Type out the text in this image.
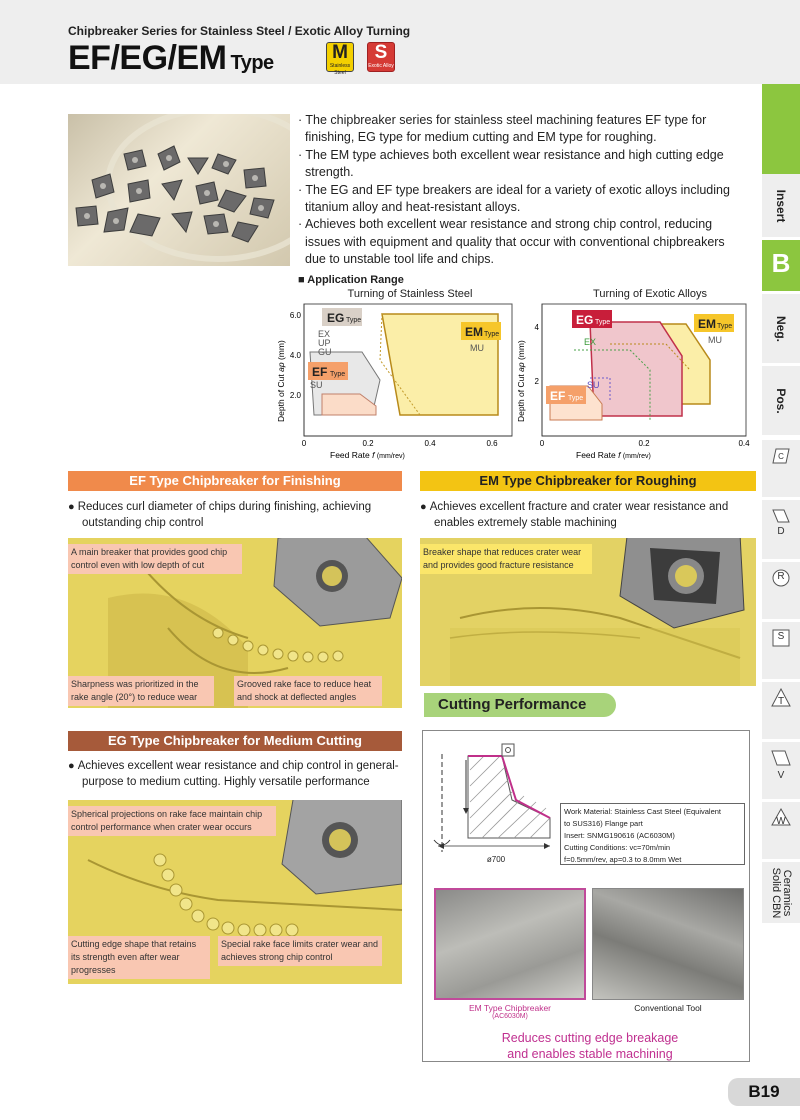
Chipbreaker Series for Stainless Steel / Exotic Alloy Turning
EF/EG/EM Type	M
Stainless Steel
S
Exotic Alloy
Insert
B
Neg.
Pos.
C
D
R
S
T
V
W
Ceramics
Solid CBN

· The chipbreaker series for stainless steel machining features EF type for finishing, EG type for medium cutting and EM type for roughing.

· The EM type achieves both excellent wear resistance and high cutting edge strength.

· The EG and EF type breakers are ideal for a variety of exotic alloys including titanium alloy and heat-resistant alloys.

· Achieves both excellent wear resistance and strong chip control, reducing issues with equipment and quality that occur with conventional chipbreakers due to unstable tool life and chips.

■ Application Range
Turning of Stainless Steel
EG Type
EM Type
MU
EX
UP
GU
EF Type
SU
0	0.2	0.4	0.6
2.0
4.0
6.0
Feed Rate f (mm/rev)
Depth of Cut ap (mm)
Turning of Exotic Alloys
EG Type	EM Type
MU
EX
SU
EF Type
0	0.2	0.4
2
4
Feed Rate f (mm/rev)
Depth of Cut ap (mm)
EF Type Chipbreaker for Finishing
● Reduces curl diameter of chips during finishing, achieving outstanding chip control
A main breaker that provides good chip control even with low depth of cut
Sharpness was prioritized in the rake angle (20°) to reduce wear
Grooved rake face to reduce heat and shock at deflected angles
EM Type Chipbreaker for Roughing
● Achieves excellent fracture and crater wear resistance and enables extremely stable machining
Breaker shape that reduces crater wear and provides good fracture resistance
EG Type Chipbreaker for Medium Cutting
● Achieves excellent wear resistance and chip control in general-purpose to medium cutting. Highly versatile performance
Spherical projections on rake face maintain chip control performance when crater wear occurs
Cutting edge shape that retains its strength even after wear progresses
Special rake face limits crater wear and achieves strong chip control
Cutting Performance
ø700
Work Material: Stainless Cast Steel (Equivalent
to SUS316) Flange part
Insert: SNMG190616 (AC6030M)
Cutting Conditions: vc=70m/min
f=0.5mm/rev, ap=0.3 to 8.0mm Wet
EM Type Chipbreaker
(AC6030M)
Conventional Tool
Reduces cutting edge breakage
and enables stable machining
B19
